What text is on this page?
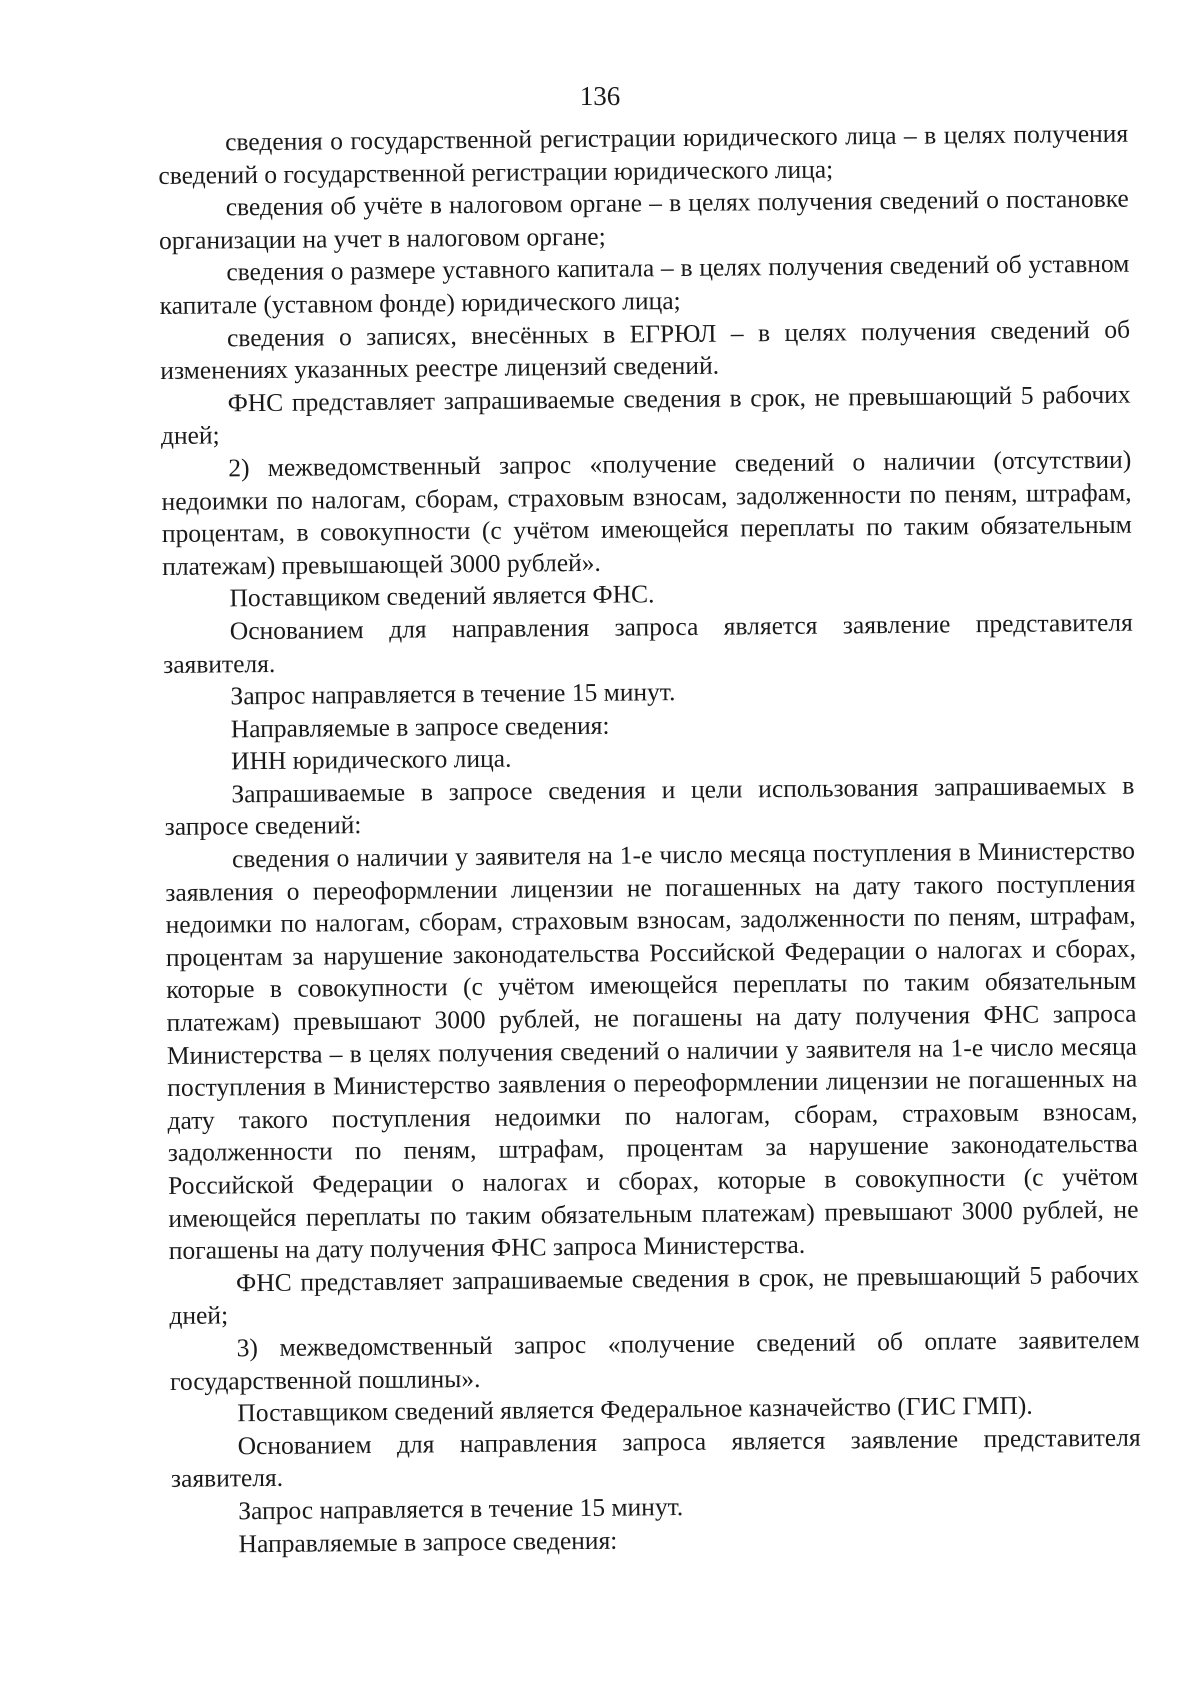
136

сведения о государственной регистрации юридического лица – в целях получения сведений о государственной регистрации юридического лица;

сведения об учёте в налоговом органе – в целях получения сведений о постановке организации на учет в налоговом органе;

сведения о размере уставного капитала – в целях получения сведений об уставном капитале (уставном фонде) юридического лица;

сведения о записях, внесённых в ЕГРЮЛ – в целях получения сведений об изменениях указанных реестре лицензий сведений.

ФНС представляет запрашиваемые сведения в срок, не превышающий 5 рабочих дней;

2) межведомственный запрос «получение сведений о наличии (отсутствии) недоимки по налогам, сборам, страховым взносам, задолженности по пеням, штрафам, процентам, в совокупности (с учётом имеющейся переплаты по таким обязательным платежам) превышающей 3000 рублей».

Поставщиком сведений является ФНС.

Основанием для направления запроса является заявление представителя заявителя.

Запрос направляется в течение 15 минут.

Направляемые в запросе сведения:

ИНН юридического лица.

Запрашиваемые в запросе сведения и цели использования запрашиваемых в запросе сведений:

сведения о наличии у заявителя на 1-е число месяца поступления в Министерство заявления о переоформлении лицензии не погашенных на дату такого поступления недоимки по налогам, сборам, страховым взносам, задолженности по пеням, штрафам, процентам за нарушение законодательства Российской Федерации о налогах и сборах, которые в совокупности (с учётом имеющейся переплаты по таким обязательным платежам) превышают 3000 рублей, не погашены на дату получения ФНС запроса Министерства – в целях получения сведений о наличии у заявителя на 1-е число месяца поступления в Министерство заявления о переоформлении лицензии не погашенных на дату такого поступления недоимки по налогам, сборам, страховым взносам, задолженности по пеням, штрафам, процентам за нарушение законодательства Российской Федерации о налогах и сборах, которые в совокупности (с учётом имеющейся переплаты по таким обязательным платежам) превышают 3000 рублей, не погашены на дату получения ФНС запроса Министерства.

ФНС представляет запрашиваемые сведения в срок, не превышающий 5 рабочих дней;

3) межведомственный запрос «получение сведений об оплате заявителем государственной пошлины».

Поставщиком сведений является Федеральное казначейство (ГИС ГМП).

Основанием для направления запроса является заявление представителя заявителя.

Запрос направляется в течение 15 минут.

Направляемые в запросе сведения:
